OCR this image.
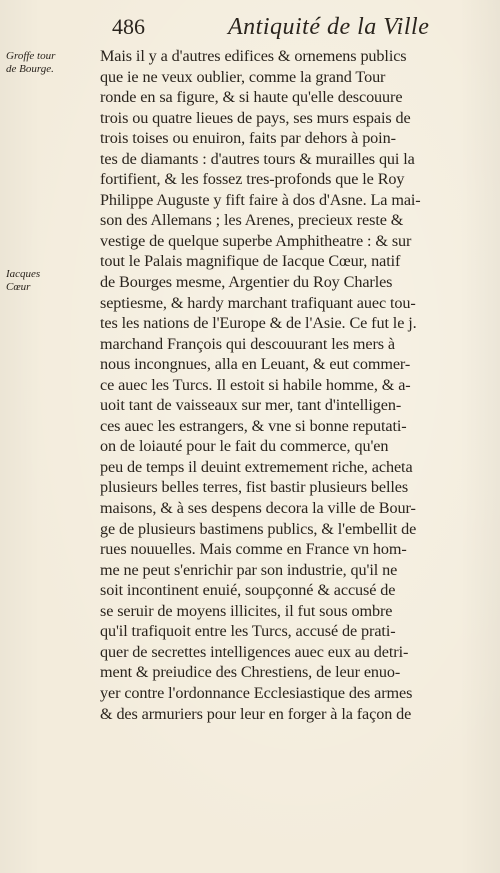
486	Antiquité de la Ville
Groffe tour
de Bourge.
Iacques
Cœur
Mais il y a d'autres edifices & ornemens publics
que ie ne veux oublier, comme la grand Tour
ronde en sa figure, & si haute qu'elle descouure
trois ou quatre lieues de pays, ses murs espais de
trois toises ou enuiron, faits par dehors à poin-
tes de diamants : d'autres tours & murailles qui la
fortifient, & les fossez tres-profonds que le Roy
Philippe Auguste y fift faire à dos d'Asne. La mai-
son des Allemans ; les Arenes, precieux reste &
vestige de quelque superbe Amphitheatre : & sur
tout le Palais magnifique de Iacque Cœur, natif
de Bourges mesme, Argentier du Roy Charles
septiesme, & hardy marchant trafiquant auec tou-
tes les nations de l'Europe & de l'Asie. Ce fut le j.
marchand François qui descouurant les mers à
nous incongnues, alla en Leuant, & eut commer-
ce auec les Turcs. Il estoit si habile homme, & a-
uoit tant de vaisseaux sur mer, tant d'intelligen-
ces auec les estrangers, & vne si bonne reputati-
on de loiauté pour le fait du commerce, qu'en
peu de temps il deuint extremement riche, acheta
plusieurs belles terres, fist bastir plusieurs belles
maisons, & à ses despens decora la ville de Bour-
ge de plusieurs bastimens publics, & l'embellit de
rues nouuelles. Mais comme en France vn hom-
me ne peut s'enrichir par son industrie, qu'il ne
soit incontinent enuié, soupçonné & accusé de
se seruir de moyens illicites, il fut sous ombre
qu'il trafiquoit entre les Turcs, accusé de prati-
quer de secrettes intelligences auec eux au detri-
ment & preiudice des Chrestiens, de leur enuo-
yer contre l'ordonnance Ecclesiastique des armes
& des armuriers pour leur en forger à la façon de
